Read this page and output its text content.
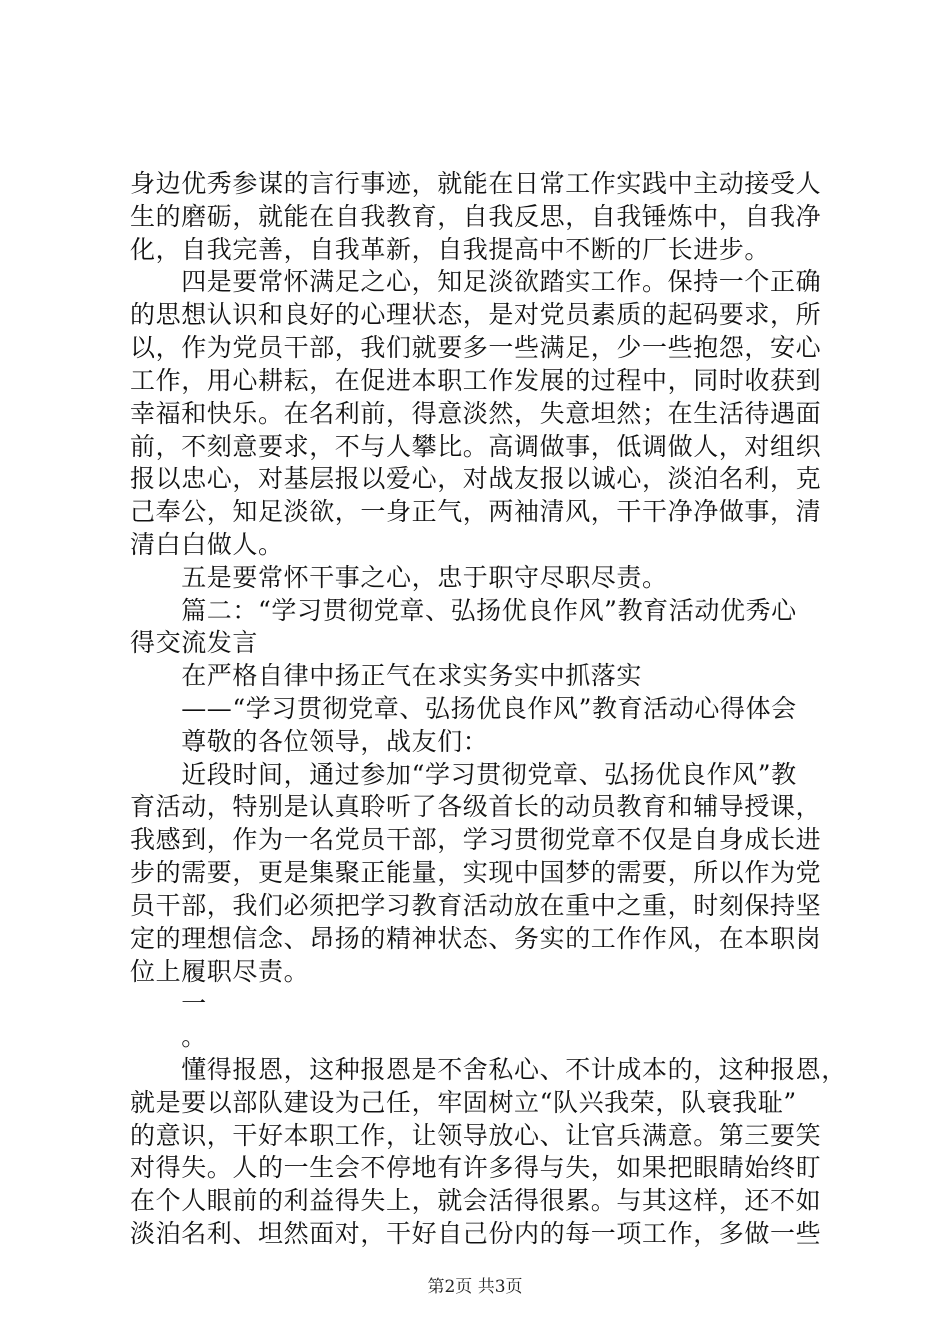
身边优秀参谋的言行事迹，就能在日常工作实践中主动接受人
生的磨砺，就能在自我教育，自我反思，自我锤炼中，自我净
化，自我完善，自我革新，自我提高中不断的厂长进步。
　　四是要常怀满足之心，知足淡欲踏实工作。保持一个正确
的思想认识和良好的心理状态，是对党员素质的起码要求，所
以，作为党员干部，我们就要多一些满足，少一些抱怨，安心
工作，用心耕耘，在促进本职工作发展的过程中，同时收获到
幸福和快乐。在名利前，得意淡然，失意坦然；在生活待遇面
前，不刻意要求，不与人攀比。高调做事，低调做人，对组织
报以忠心，对基层报以爱心，对战友报以诚心，淡泊名利，克
己奉公，知足淡欲，一身正气，两袖清风，干干净净做事，清
清白白做人。
　　五是要常怀干事之心，忠于职守尽职尽责。
　　篇二：“学习贯彻党章、弘扬优良作风”教育活动优秀心
得交流发言
　　在严格自律中扬正气在求实务实中抓落实
　　——“学习贯彻党章、弘扬优良作风”教育活动心得体会
　　尊敬的各位领导，战友们：
　　近段时间，通过参加“学习贯彻党章、弘扬优良作风”教
育活动，特别是认真聆听了各级首长的动员教育和辅导授课，
我感到，作为一名党员干部，学习贯彻党章不仅是自身成长进
步的需要，更是集聚正能量，实现中国梦的需要，所以作为党
员干部，我们必须把学习教育活动放在重中之重，时刻保持坚
定的理想信念、昂扬的精神状态、务实的工作作风，在本职岗
位上履职尽责。
　　一
　　。
　　懂得报恩，这种报恩是不舍私心、不计成本的，这种报恩，
就是要以部队建设为己任，牢固树立“队兴我荣，队衰我耻”
的意识，干好本职工作，让领导放心、让官兵满意。第三要笑
对得失。人的一生会不停地有许多得与失，如果把眼睛始终盯
在个人眼前的利益得失上，就会活得很累。与其这样，还不如
淡泊名利、坦然面对，干好自己份内的每一项工作，多做一些
第2页 共3页
